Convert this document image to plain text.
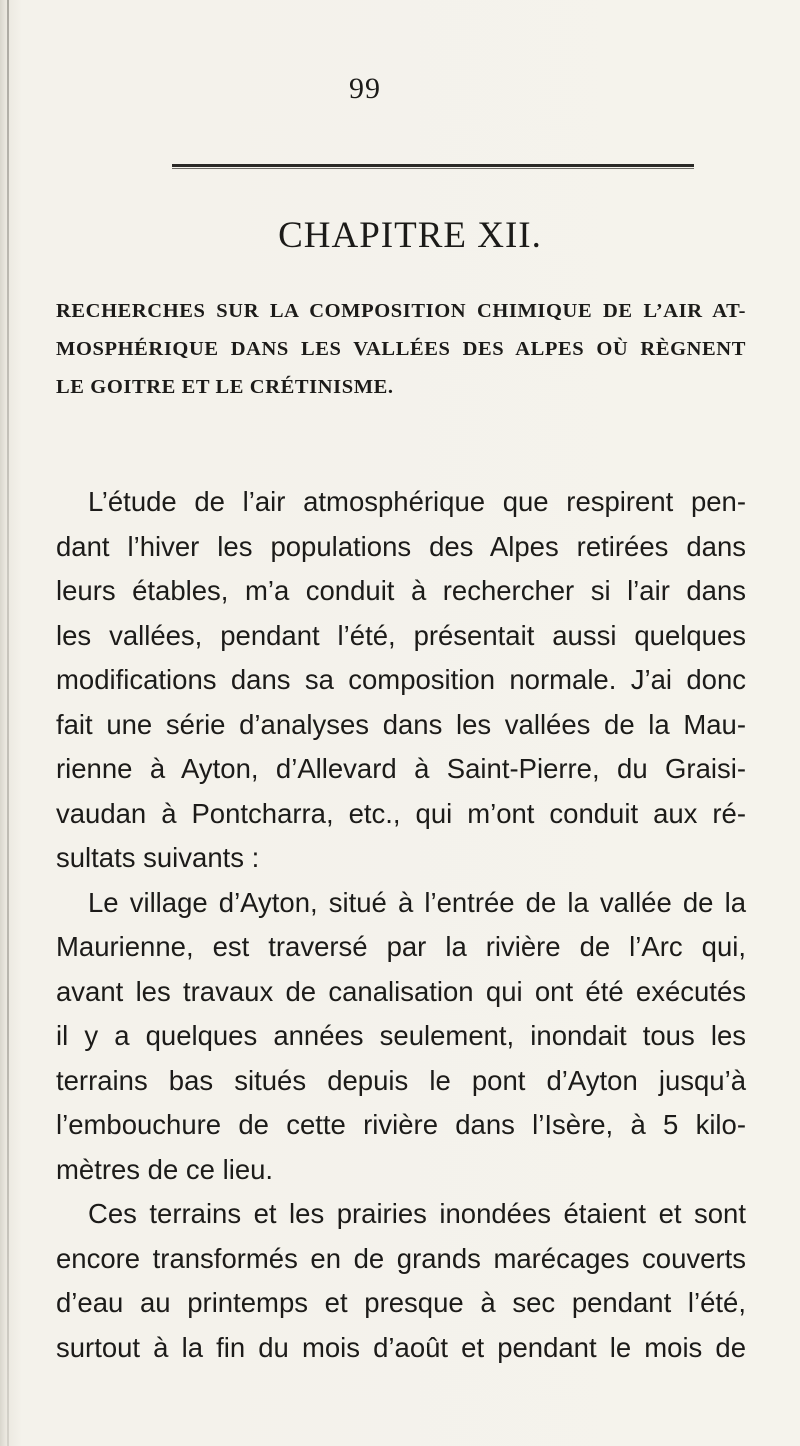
99
CHAPITRE XII.
RECHERCHES SUR LA COMPOSITION CHIMIQUE DE L’AIR AT-
MOSPHÉRIQUE DANS LES VALLÉES DES ALPES OÙ RÈGNENT
LE GOITRE ET LE CRÉTINISME.
L’étude de l’air atmosphérique que respirent pen-
dant l’hiver les populations des Alpes retirées dans
leurs étables, m’a conduit à rechercher si l’air dans
les vallées, pendant l’été, présentait aussi quelques
modifications dans sa composition normale. J’ai donc
fait une série d’analyses dans les vallées de la Mau-
rienne à Ayton, d’Allevard à Saint-Pierre, du Graisi-
vaudan à Pontcharra, etc., qui m’ont conduit aux ré-
sultats suivants :
Le village d’Ayton, situé à l’entrée de la vallée de la
Maurienne, est traversé par la rivière de l’Arc qui,
avant les travaux de canalisation qui ont été exécutés
il y a quelques années seulement, inondait tous les
terrains bas situés depuis le pont d’Ayton jusqu’à
l’embouchure de cette rivière dans l’Isère, à 5 kilo-
mètres de ce lieu.
Ces terrains et les prairies inondées étaient et sont
encore transformés en de grands marécages couverts
d’eau au printemps et presque à sec pendant l’été,
surtout à la fin du mois d’août et pendant le mois de
